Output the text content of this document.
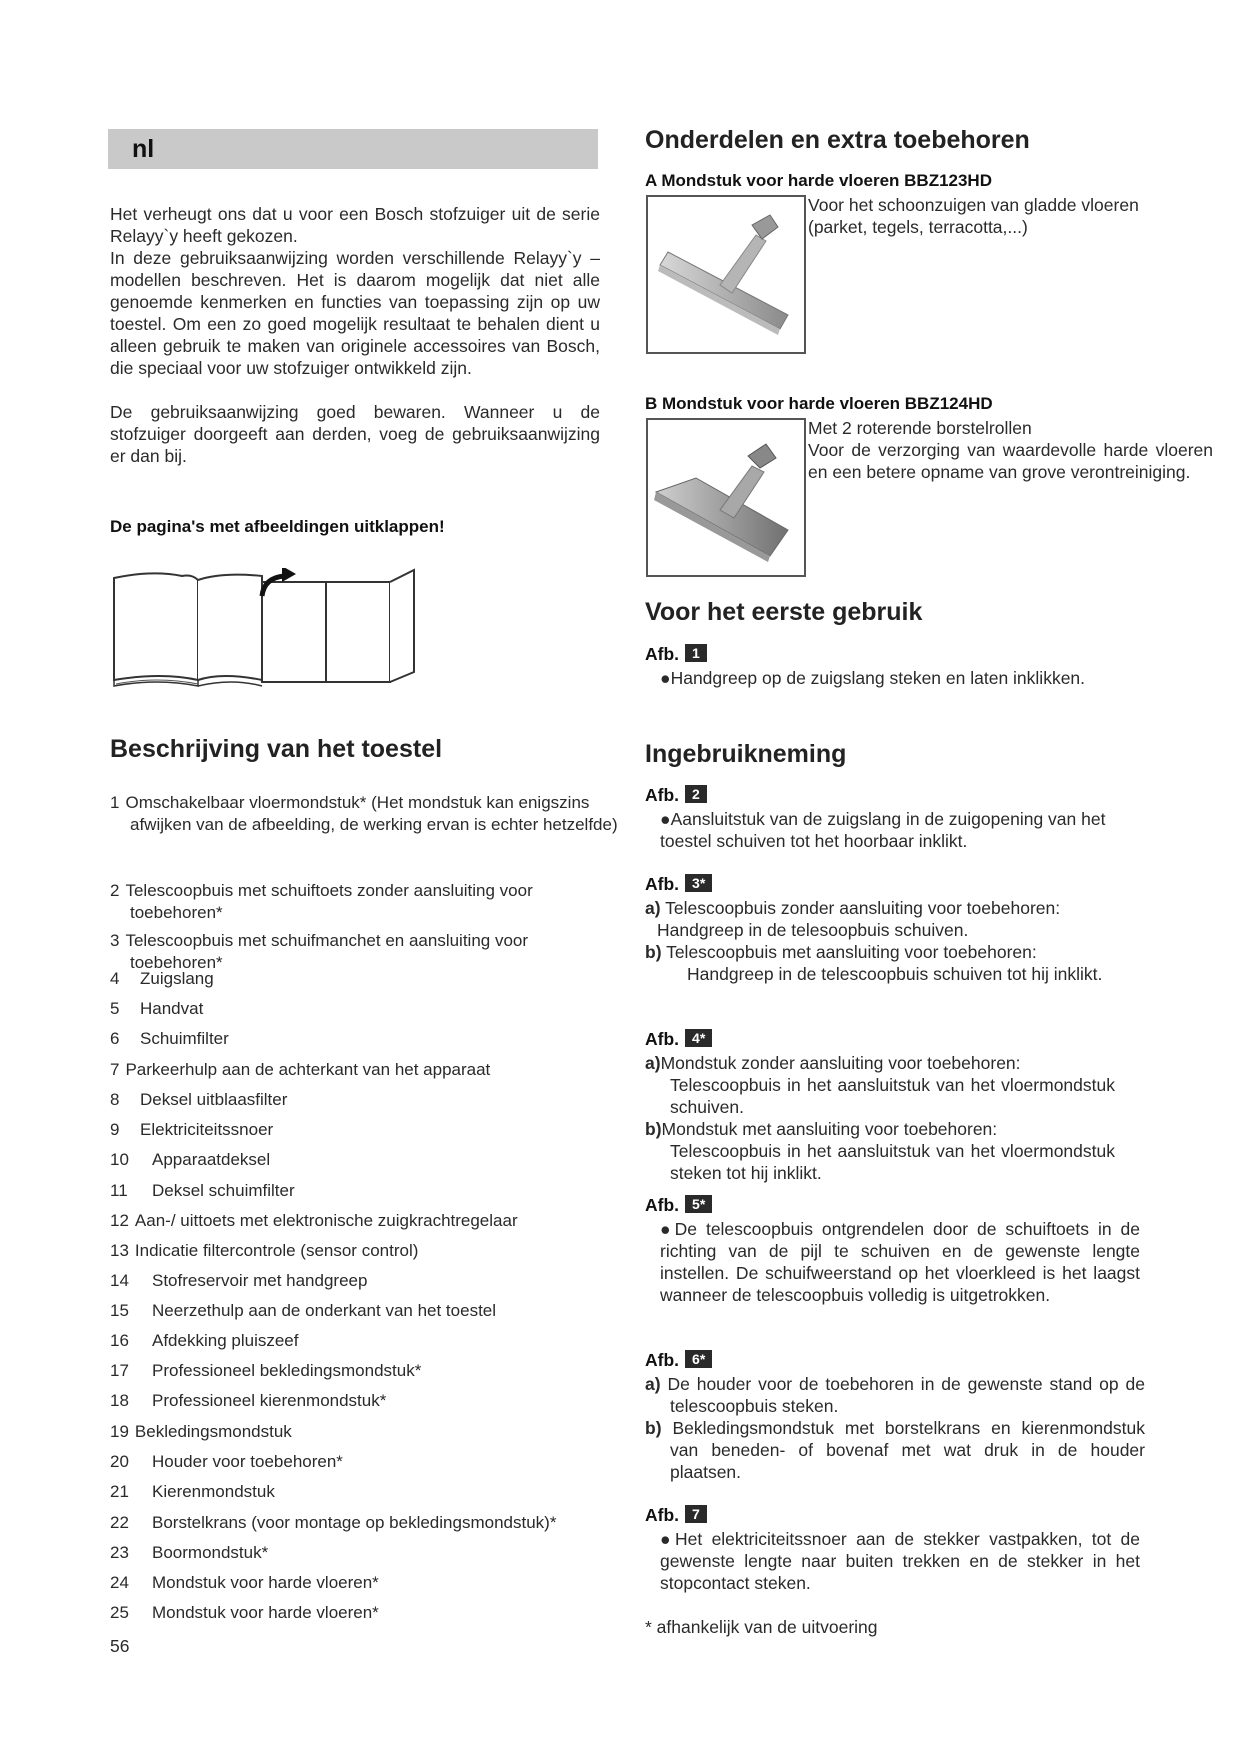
nl

Het verheugt ons dat u voor een Bosch stofzuiger uit de serie Relayy`y heeft gekozen.

In deze gebruiksaanwijzing worden verschillende Relayy`y – modellen beschreven. Het is daarom mogelijk dat niet alle genoemde kenmerken en functies van toepassing zijn op uw toestel. Om een zo goed mogelijk resultaat te behalen dient u alleen gebruik te maken van originele accessoires van Bosch, die speciaal voor uw stofzuiger ontwikkeld zijn.

De gebruiksaanwijzing goed bewaren. Wanneer u de stofzuiger doorgeeft aan derden, voeg de gebruiksaanwijzing er dan bij.

De pagina's met afbeeldingen uitklappen!
Beschrijving van het toestel
1 Omschakelbaar vloermondstuk* (Het mondstuk kan enigszins afwijken van de afbeelding, de werking ervan is echter hetzelfde)
2 Telescoopbuis met schuiftoets zonder aansluiting voor toebehoren*
3 Telescoopbuis met schuifmanchet en aansluiting voor toebehoren*
4 Zuigslang
5 Handvat
6 Schuimfilter
7 Parkeerhulp aan de achterkant van het apparaat
8 Deksel uitblaasfilter
9 Elektriciteitssnoer
10 Apparaatdeksel
11 Deksel schuimfilter
12 Aan-/ uittoets met elektronische zuigkrachtregelaar
13 Indicatie filtercontrole (sensor control)
14 Stofreservoir met handgreep
15 Neerzethulp aan de onderkant van het toestel
16 Afdekking pluiszeef
17 Professioneel bekledingsmondstuk*
18 Professioneel kierenmondstuk*
19 Bekledingsmondstuk
20 Houder voor toebehoren*
21 Kierenmondstuk
22 Borstelkrans (voor montage op bekledingsmondstuk)*
23 Boormondstuk*
24 Mondstuk voor harde vloeren*
25 Mondstuk voor harde vloeren*
56
Onderdelen en extra toebehoren
A Mondstuk voor harde vloeren BBZ123HD
Voor het schoonzuigen van gladde vloeren
(parket, tegels, terracotta,...)
B Mondstuk voor harde vloeren BBZ124HD
Met 2 roterende borstelrollen
Voor de verzorging van waardevolle harde vloeren en een betere opname van grove verontreiniging.
Voor het eerste gebruik
Afb. 1
●Handgreep op de zuigslang steken en laten inklikken.
Ingebruikneming
Afb. 2
●Aansluitstuk van de zuigslang in de zuigopening van het toestel schuiven tot het hoorbaar inklikt.
Afb. 3*

a) Telescoopbuis zonder aansluiting voor toebehoren:

Handgreep in de telesoopbuis schuiven.

b) Telescoopbuis met aansluiting voor toebehoren:

Handgreep in de telescoopbuis schuiven tot hij inklikt.

Afb. 4*

a)Mondstuk zonder aansluiting voor toebehoren:

Telescoopbuis in het aansluitstuk van het vloermondstuk schuiven.

b)Mondstuk met aansluiting voor toebehoren:

Telescoopbuis in het aansluitstuk van het vloermondstuk steken tot hij inklikt.

Afb. 5*
●De telescoopbuis ontgrendelen door de schuiftoets in de richting van de pijl te schuiven en de gewenste lengte instellen. De schuifweerstand op het vloerkleed is het laagst wanneer de telescoopbuis volledig is uitgetrokken.
Afb. 6*

a) De houder voor de toebehoren in de gewenste stand op de telescoopbuis steken.

b) Bekledingsmondstuk met borstelkrans en kierenmondstuk van beneden- of bovenaf met wat druk in de houder plaatsen.

Afb. 7
●Het elektriciteitssnoer aan de stekker vastpakken, tot de gewenste lengte naar buiten trekken en de stekker in het stopcontact steken.
* afhankelijk van de uitvoering
